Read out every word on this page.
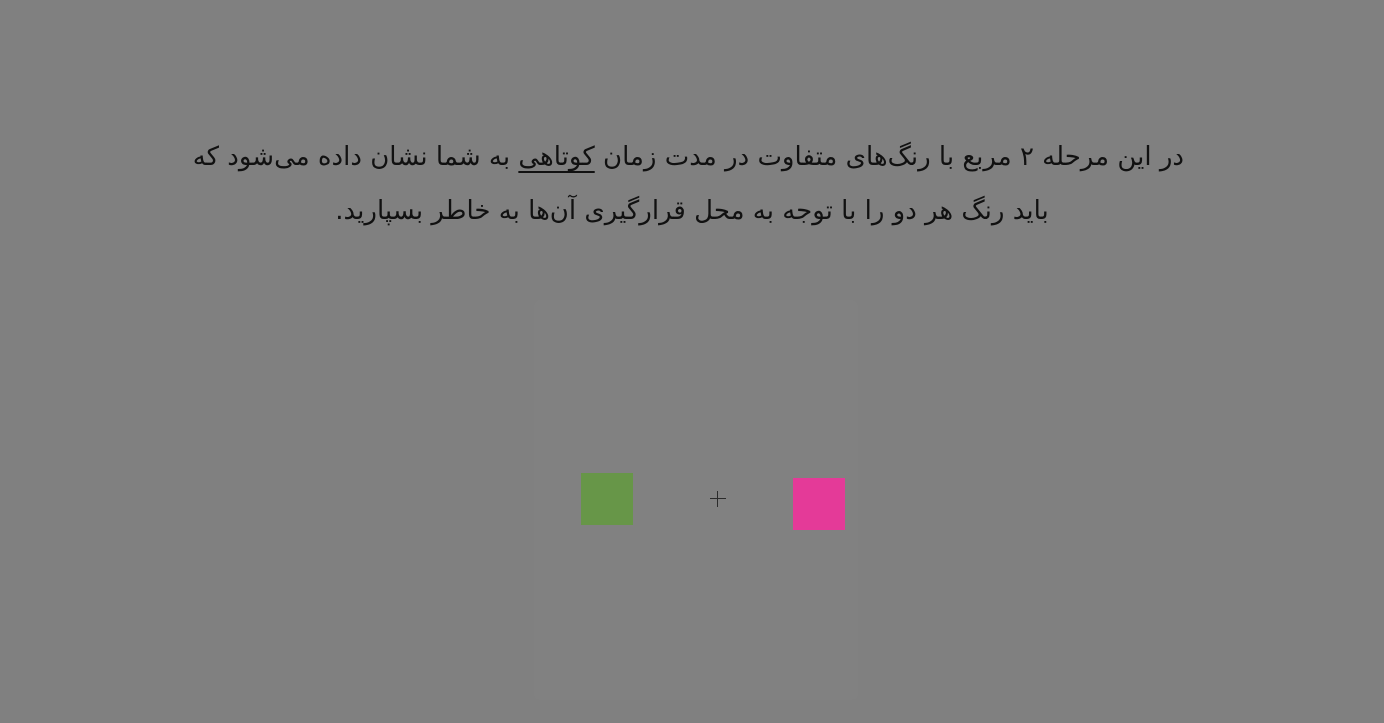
در این مرحله ۲ مربع با رنگ‌های متفاوت در مدت زمان کوتاهی به شما نشان داده می‌شود که
باید رنگ هر دو را با توجه به محل قرارگیری آن‌ها به خاطر بسپارید.
